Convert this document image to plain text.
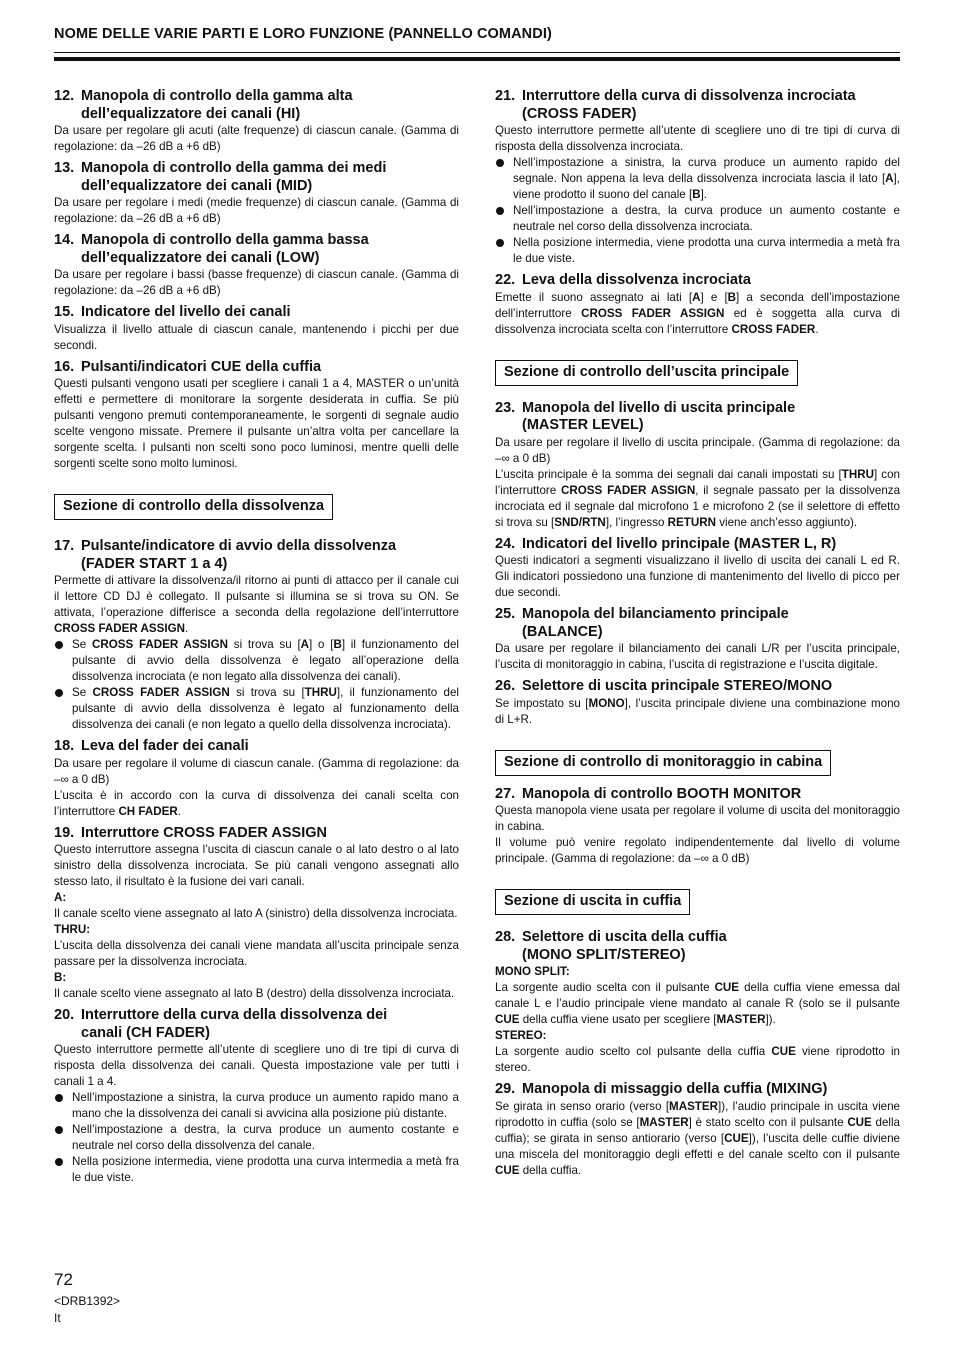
NOME DELLE VARIE PARTI E LORO FUNZIONE (PANNELLO COMANDI)
12. Manopola di controllo della gamma alta
dell’equalizzatore dei canali (HI)

Da usare per regolare gli acuti (alte frequenze) di ciascun canale. (Gamma di regolazione: da –26 dB a +6 dB)

13. Manopola di controllo della gamma dei medi
dell’equalizzatore dei canali (MID)

Da usare per regolare i medi (medie frequenze) di ciascun canale. (Gamma di regolazione: da –26 dB a +6 dB)

14. Manopola di controllo della gamma bassa
dell’equalizzatore dei canali (LOW)

Da usare per regolare i bassi (basse frequenze) di ciascun canale. (Gamma di regolazione: da –26 dB a +6 dB)

15. Indicatore del livello dei canali

Visualizza il livello attuale di ciascun canale, mantenendo i picchi per due secondi.

16. Pulsanti/indicatori CUE della cuffia

Questi pulsanti vengono usati per scegliere i canali 1 a 4, MASTER o un’unità effetti e permettere di monitorare la sorgente desiderata in cuffia. Se più pulsanti vengono premuti contemporaneamente, le sorgenti di segnale audio scelte vengono missate. Premere il pulsante un’altra volta per cancellare la sorgente scelta. I pulsanti non scelti sono poco luminosi, mentre quelli delle sorgenti scelte sono molto luminosi.

Sezione di controllo della dissolvenza
17. Pulsante/indicatore di avvio della dissolvenza
(FADER START 1 a 4)

Permette di attivare la dissolvenza/il ritorno ai punti di attacco per il canale cui il lettore CD DJ è collegato. Il pulsante si illumina se si trova su ON. Se attivata, l’operazione differisce a seconda della regolazione dell’interruttore CROSS FADER ASSIGN.

Se CROSS FADER ASSIGN si trova su [A] o [B] il funzionamento del pulsante di avvio della dissolvenza è legato all’operazione della dissolvenza incrociata (e non legato alla dissolvenza dei canali).
Se CROSS FADER ASSIGN si trova su [THRU], il funzionamento del pulsante di avvio della dissolvenza è legato al funzionamento della dissolvenza dei canali (e non legato a quello della dissolvenza incrociata).
18. Leva del fader dei canali

Da usare per regolare il volume di ciascun canale. (Gamma di regolazione: da –∞ a 0 dB)

L’uscita è in accordo con la curva di dissolvenza dei canali scelta con l’interruttore CH FADER.

19. Interruttore CROSS FADER ASSIGN

Questo interruttore assegna l’uscita di ciascun canale o al lato destro o al lato sinistro della dissolvenza incrociata. Se più canali vengono assegnati allo stesso lato, il risultato è la fusione dei vari canali.

A:

Il canale scelto viene assegnato al lato A (sinistro) della dissolvenza incrociata.

THRU:

L’uscita della dissolvenza dei canali viene mandata all’uscita principale senza passare per la dissolvenza incrociata.

B:

Il canale scelto viene assegnato al lato B (destro) della dissolvenza incrociata.

20. Interruttore della curva della dissolvenza dei
canali (CH FADER)

Questo interruttore permette all’utente di scegliere uno di tre tipi di curva di risposta della dissolvenza dei canali. Questa impostazione vale per tutti i canali 1 a 4.

Nell’impostazione a sinistra, la curva produce un aumento rapido mano a mano che la dissolvenza dei canali si avvicina alla posizione più distante.
Nell’impostazione a destra, la curva produce un aumento costante e neutrale nel corso della dissolvenza del canale.
Nella posizione intermedia, viene prodotta una curva intermedia a metà fra le due viste.
21. Interruttore della curva di dissolvenza incrociata
(CROSS FADER)

Questo interruttore permette all’utente di scegliere uno di tre tipi di curva di risposta della dissolvenza incrociata.

Nell’impostazione a sinistra, la curva produce un aumento rapido del segnale. Non appena la leva della dissolvenza incrociata lascia il lato [A], viene prodotto il suono del canale [B].
Nell’impostazione a destra, la curva produce un aumento costante e neutrale nel corso della dissolvenza incrociata.
Nella posizione intermedia, viene prodotta una curva intermedia a metà fra le due viste.
22. Leva della dissolvenza incrociata

Emette il suono assegnato ai lati [A] e [B] a seconda dell’impostazione dell’interruttore CROSS FADER ASSIGN ed è soggetta alla curva di dissolvenza incrociata scelta con l’interruttore CROSS FADER.

Sezione di controllo dell’uscita principale
23. Manopola del livello di uscita principale
(MASTER LEVEL)

Da usare per regolare il livello di uscita principale. (Gamma di regolazione: da –∞ a 0 dB)

L’uscita principale è la somma dei segnali dai canali impostati su [THRU] con l’interruttore CROSS FADER ASSIGN, il segnale passato per la dissolvenza incrociata ed il segnale dal microfono 1 e microfono 2 (se il selettore di effetto si trova su [SND/RTN], l’ingresso RETURN viene anch’esso aggiunto).

24. Indicatori del livello principale (MASTER L, R)

Questi indicatori a segmenti visualizzano il livello di uscita dei canali L ed R. Gli indicatori possiedono una funzione di mantenimento del livello di picco per due secondi.

25. Manopola del bilanciamento principale
(BALANCE)

Da usare per regolare il bilanciamento dei canali L/R per l’uscita principale, l’uscita di monitoraggio in cabina, l’uscita di registrazione e l’uscita digitale.

26. Selettore di uscita principale STEREO/MONO

Se impostato su [MONO], l’uscita principale diviene una combinazione mono di L+R.

Sezione di controllo di monitoraggio in cabina
27. Manopola di controllo BOOTH MONITOR

Questa manopola viene usata per regolare il volume di uscita del monitoraggio in cabina.

Il volume può venire regolato indipendentemente dal livello di volume principale. (Gamma di regolazione: da –∞ a 0 dB)

Sezione di uscita in cuffia
28. Selettore di uscita della cuffia
(MONO SPLIT/STEREO)
MONO SPLIT:

La sorgente audio scelta con il pulsante CUE della cuffia viene emessa dal canale L e l’audio principale viene mandato al canale R (solo se il pulsante CUE della cuffia viene usato per scegliere [MASTER]).

STEREO:

La sorgente audio scelto col pulsante della cuffia CUE viene riprodotto in stereo.

29. Manopola di missaggio della cuffia (MIXING)

Se girata in senso orario (verso [MASTER]), l’audio principale in uscita viene riprodotto in cuffia (solo se [MASTER] è stato scelto con il pulsante CUE della cuffia); se girata in senso antiorario (verso [CUE]), l’uscita delle cuffie diviene una miscela del monitoraggio degli effetti e del canale scelto con il pulsante CUE della cuffia.

72
<DRB1392>
It
